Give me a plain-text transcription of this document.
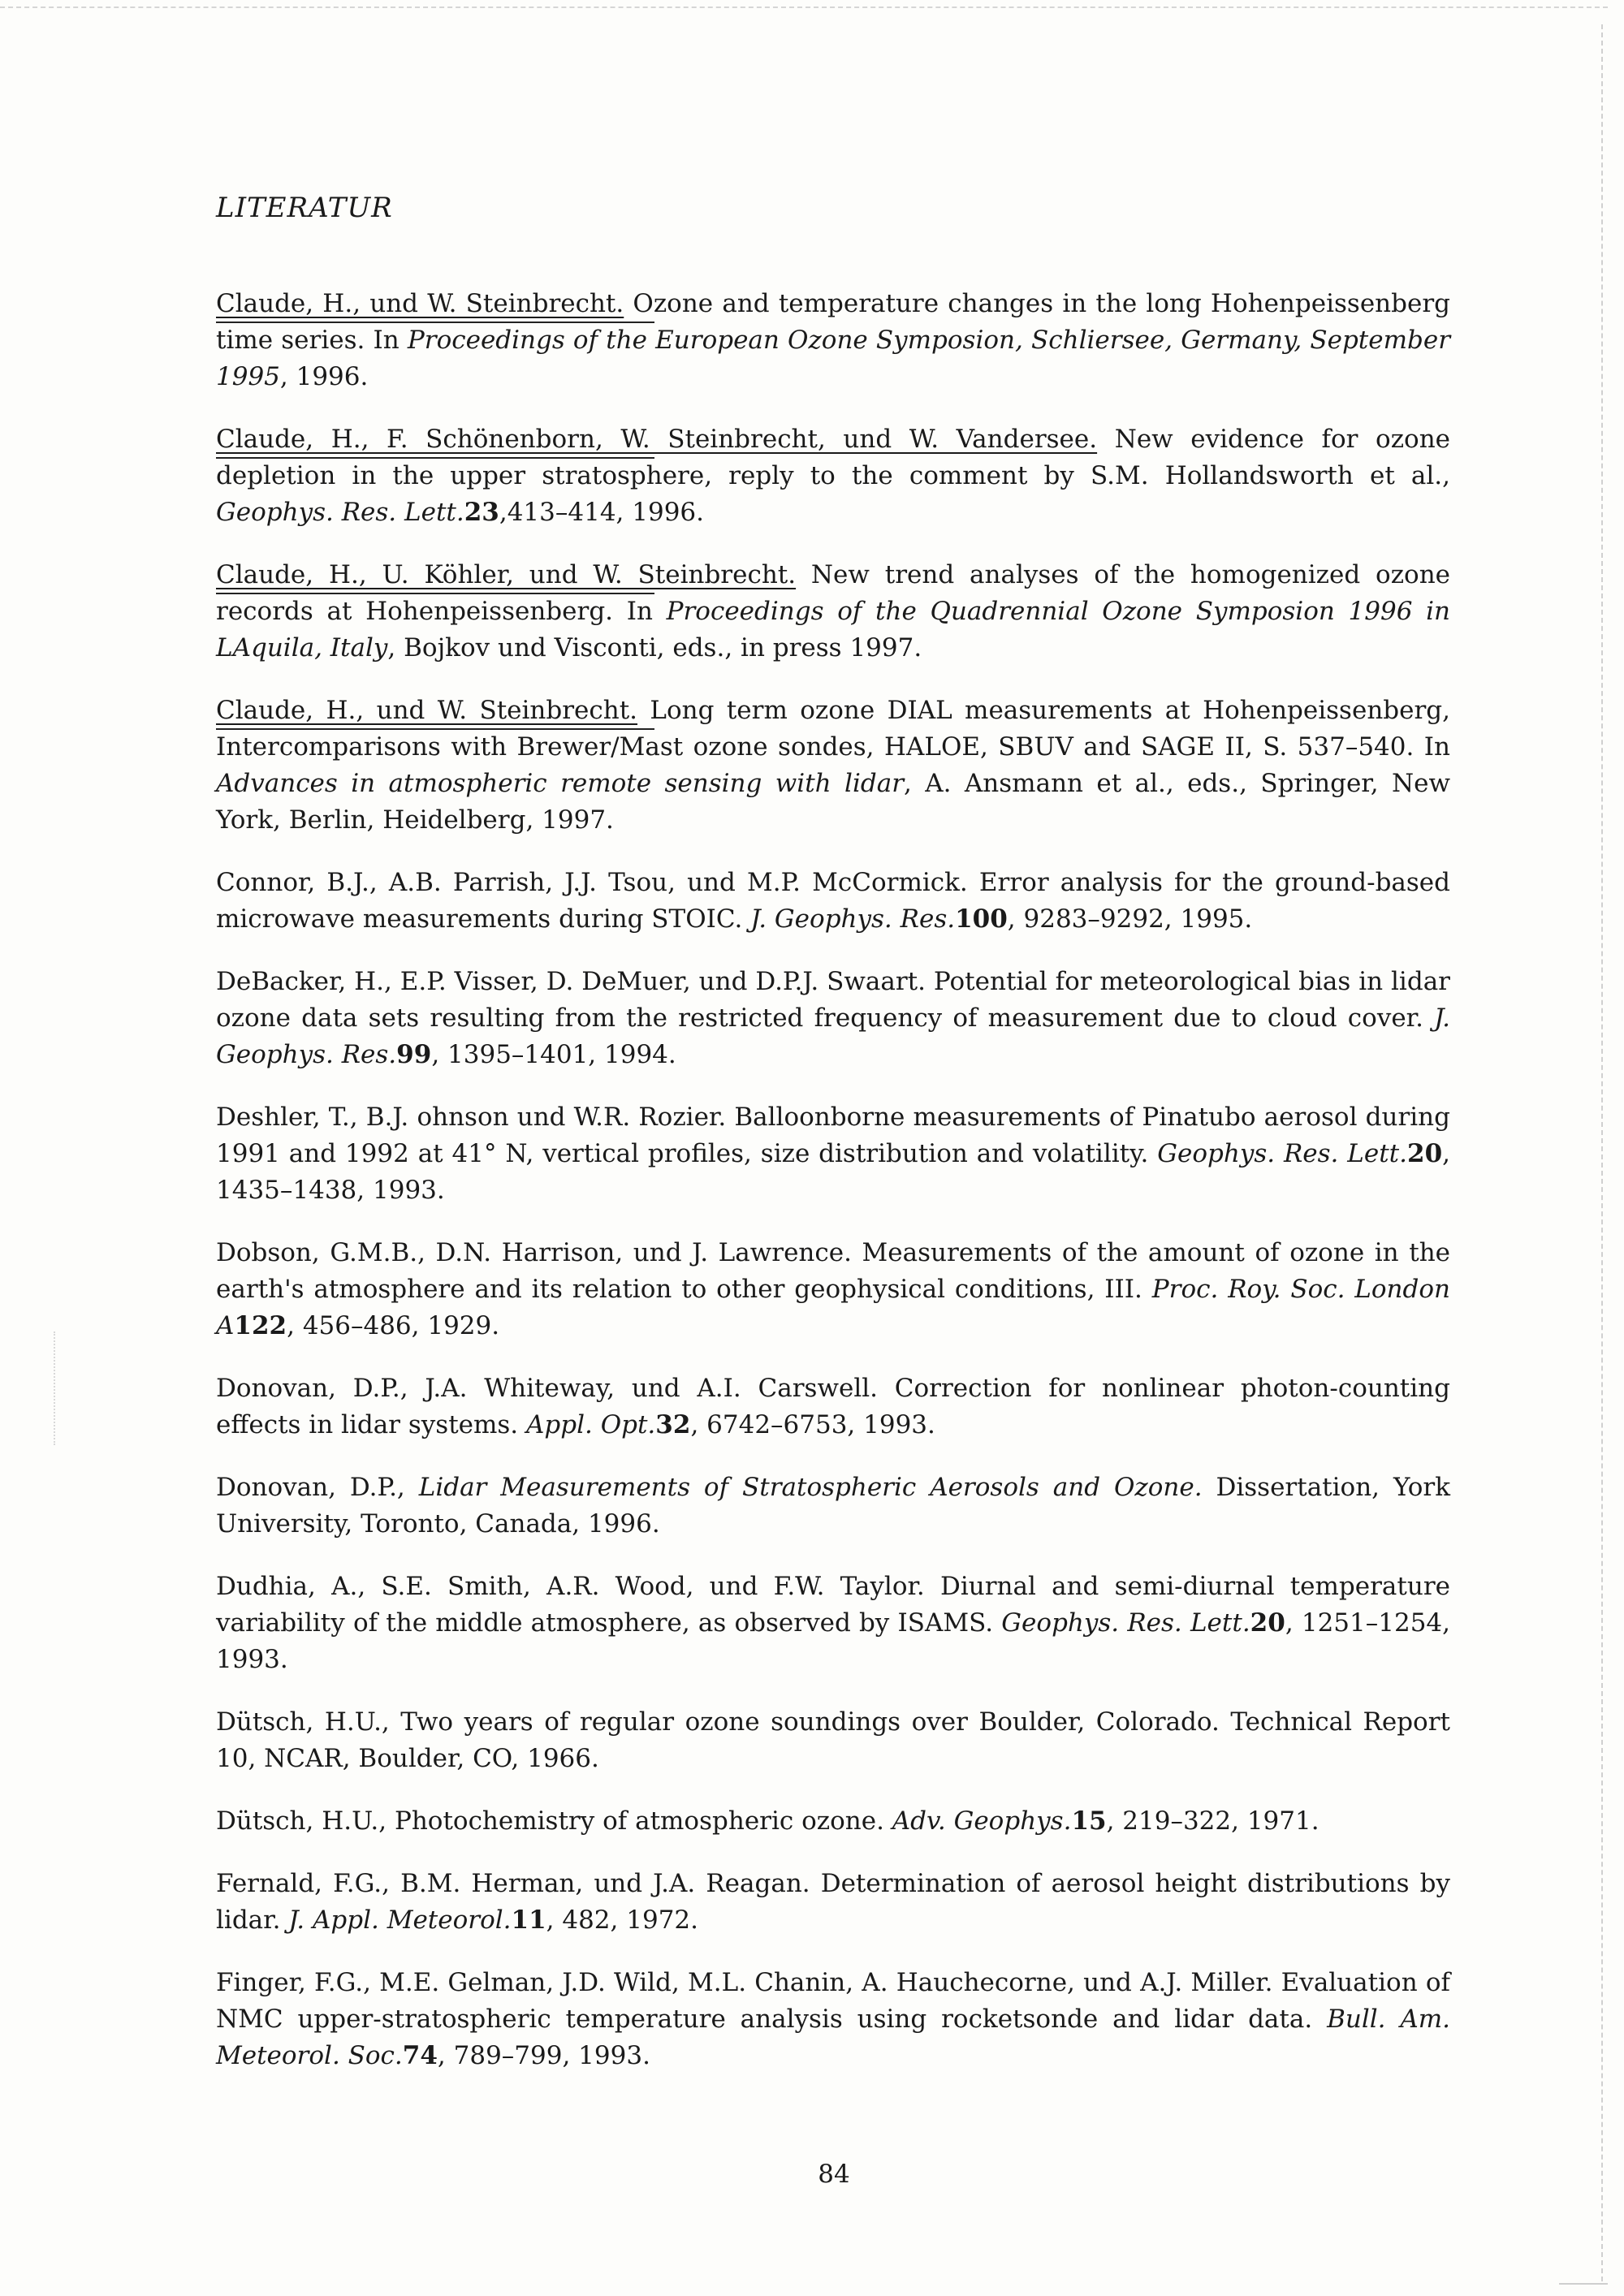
LITERATUR

Claude, H., und W. Steinbrecht. Ozone and temperature changes in the long Hohenpeissenberg time series. In Proceedings of the European Ozone Symposion, Schliersee, Germany, September 1995, 1996.

Claude, H., F. Schönenborn, W. Steinbrecht, und W. Vandersee. New evidence for ozone depletion in the upper stratosphere, reply to the comment by S.M. Hollandsworth et al., Geophys. Res. Lett.23,413–414, 1996.

Claude, H., U. Köhler, und W. Steinbrecht. New trend analyses of the homogenized ozone records at Hohenpeissenberg. In Proceedings of the Quadrennial Ozone Symposion 1996 in LAquila, Italy, Bojkov und Visconti, eds., in press 1997.

Claude, H., und W. Steinbrecht. Long term ozone DIAL measurements at Hohenpeissenberg, Intercomparisons with Brewer/Mast ozone sondes, HALOE, SBUV and SAGE II, S. 537–540. In Advances in atmospheric remote sensing with lidar, A. Ansmann et al., eds., Springer, New York, Berlin, Heidelberg, 1997.

Connor, B.J., A.B. Parrish, J.J. Tsou, und M.P. McCormick. Error analysis for the ground-based microwave measurements during STOIC. J. Geophys. Res.100, 9283–9292, 1995.

DeBacker, H., E.P. Visser, D. DeMuer, und D.P.J. Swaart. Potential for meteorological bias in lidar ozone data sets resulting from the restricted frequency of measurement due to cloud cover. J. Geophys. Res.99, 1395–1401, 1994.

Deshler, T., B.J. ohnson und W.R. Rozier. Balloonborne measurements of Pinatubo aerosol during 1991 and 1992 at 41° N, vertical profiles, size distribution and volatility. Geophys. Res. Lett.20, 1435–1438, 1993.

Dobson, G.M.B., D.N. Harrison, und J. Lawrence. Measurements of the amount of ozone in the earth's atmosphere and its relation to other geophysical conditions, III. Proc. Roy. Soc. London A122, 456–486, 1929.

Donovan, D.P., J.A. Whiteway, und A.I. Carswell. Correction for nonlinear photon-counting effects in lidar systems. Appl. Opt.32, 6742–6753, 1993.

Donovan, D.P., Lidar Measurements of Stratospheric Aerosols and Ozone. Dissertation, York University, Toronto, Canada, 1996.

Dudhia, A., S.E. Smith, A.R. Wood, und F.W. Taylor. Diurnal and semi-diurnal temperature variability of the middle atmosphere, as observed by ISAMS. Geophys. Res. Lett.20, 1251–1254, 1993.

Dütsch, H.U., Two years of regular ozone soundings over Boulder, Colorado. Technical Report 10, NCAR, Boulder, CO, 1966.

Dütsch, H.U., Photochemistry of atmospheric ozone. Adv. Geophys.15, 219–322, 1971.

Fernald, F.G., B.M. Herman, und J.A. Reagan. Determination of aerosol height distributions by lidar. J. Appl. Meteorol.11, 482, 1972.

Finger, F.G., M.E. Gelman, J.D. Wild, M.L. Chanin, A. Hauchecorne, und A.J. Miller. Evaluation of NMC upper-stratospheric temperature analysis using rocketsonde and lidar data. Bull. Am. Meteorol. Soc.74, 789–799, 1993.

84
